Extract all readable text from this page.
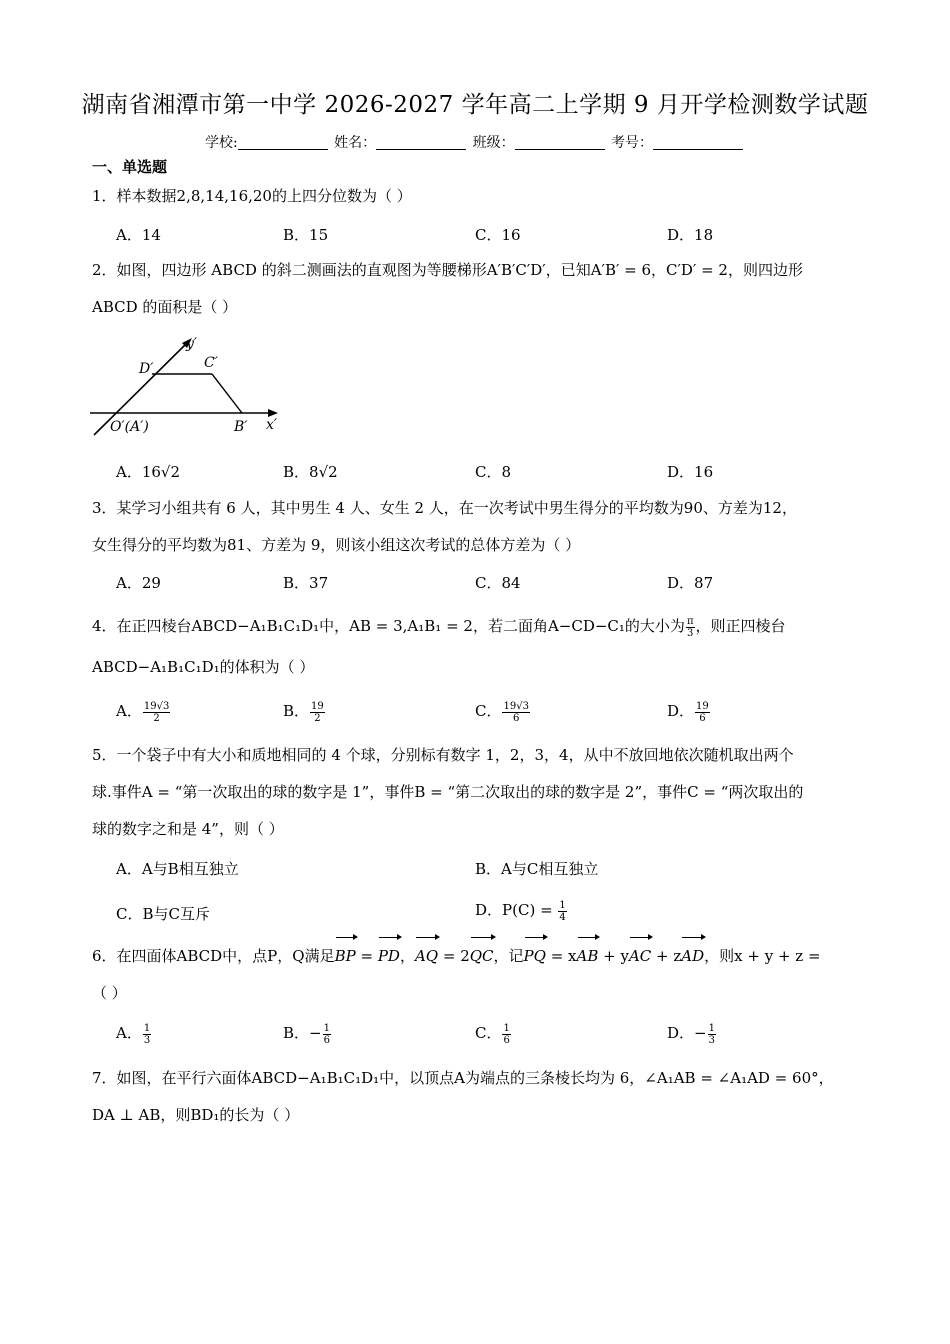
湖南省湘潭市第一中学 2026-2027 学年高二上学期 9 月开学检测数学试题
学校:	姓名：	班级：	考号：
一、单选题
1．样本数据2,8,14,16,20的上四分位数为（ ）
A．14	B．15	C．16	D．18
2．如图，四边形 ABCD 的斜二测画法的直观图为等腰梯形A′B′C′D′，已知A′B′ = 6，C′D′ = 2，则四边形
ABCD 的面积是（ ）
y′
D′	C′
O′(A′)	B′ x′
A．16√2	B．8√2	C．8	D．16
3．某学习小组共有 6 人，其中男生 4 人、女生 2 人，在一次考试中男生得分的平均数为90、方差为12，
女生得分的平均数为81、方差为 9，则该小组这次考试的总体方差为（ ）
A．29	B．37	C．84	D．87
4．在正四棱台ABCD−A₁B₁C₁D₁中，AB = 3,A₁B₁ = 2，若二面角A−CD−C₁的大小为 $\frac{\pi}{3}$ ，则正四棱台
ABCD−A₁B₁C₁D₁的体积为（ ）
A． $\frac{19√3}{2}$	B． $\frac{19}{2}$	C． $\frac{19√3}{6}$	D． $\frac{19}{6}$
5．一个袋子中有大小和质地相同的 4 个球，分别标有数字 1，2，3，4，从中不放回地依次随机取出两个
球.事件A = “第一次取出的球的数字是 1”，事件B = “第二次取出的球的数字是 2”，事件C = “两次取出的
球的数字之和是 4”，则（ ）
A．A与B相互独立	B．A与C相互独立
C．B与C互斥	D．$P(C) = \frac{1}{4}$
6．在四面体ABCD中，点P，Q满足BP = PD，AQ = 2QC，记PQ = xAB + yAC + zAD，则x + y + z =
（ ）
A． $\frac{1}{3}$	B．− $\frac{1}{6}$	C． $\frac{1}{6}$	D．− $\frac{1}{3}$
7．如图，在平行六面体ABCD−A₁B₁C₁D₁中，以顶点A为端点的三条棱长均为 6，∠A₁AB = ∠A₁AD = 60°，
DA ⊥ AB，则BD₁的长为（ ）
